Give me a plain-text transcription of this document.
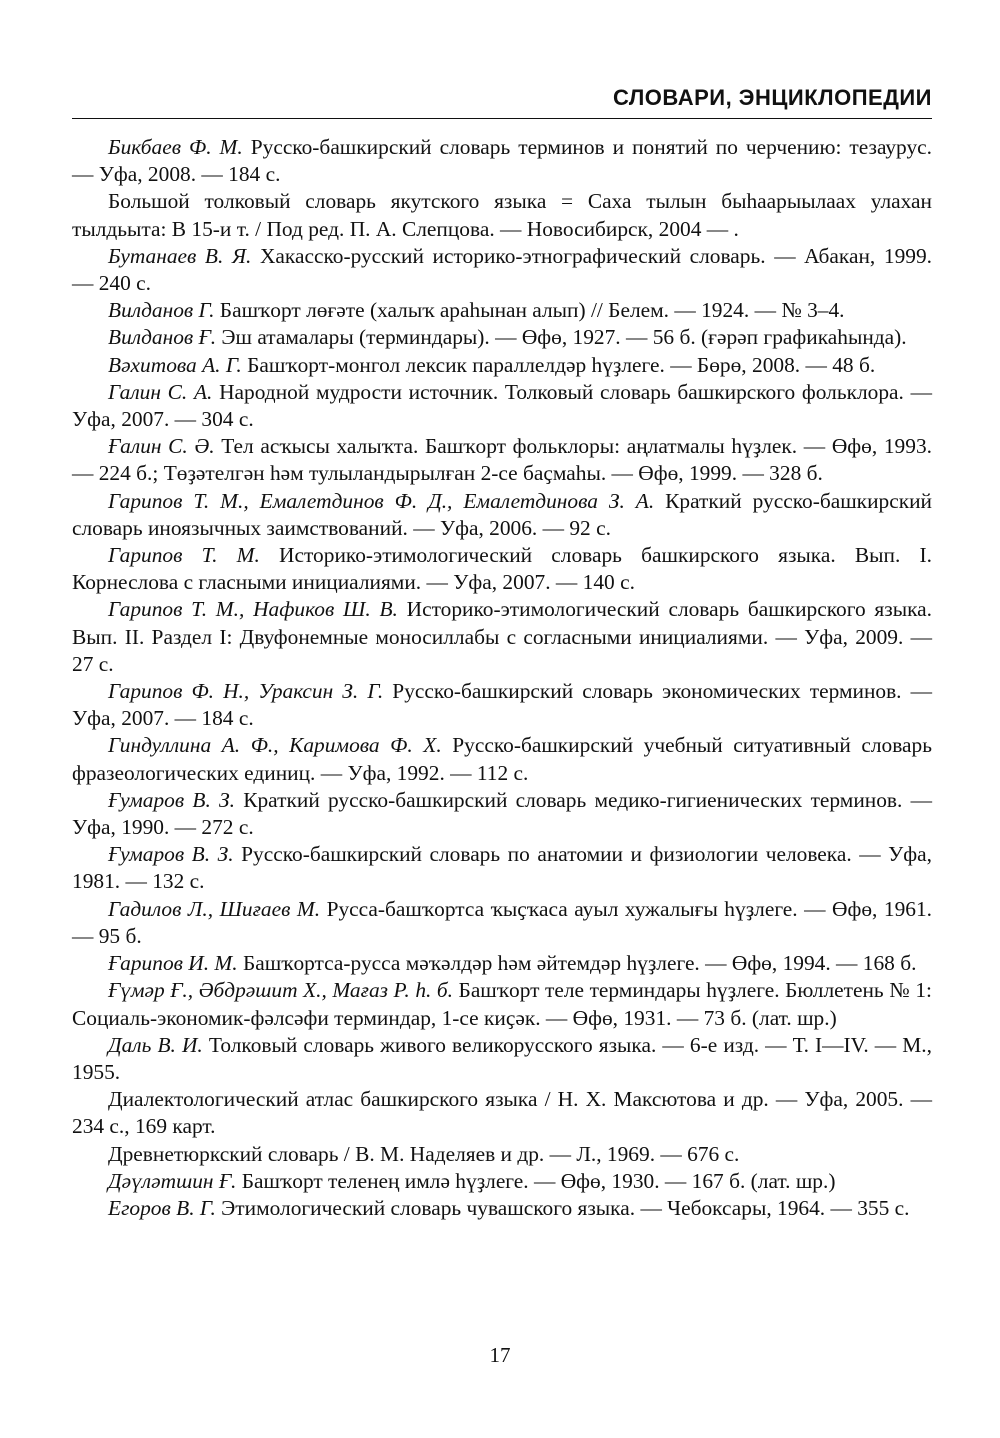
СЛОВАРИ, ЭНЦИКЛОПЕДИИ

Бикбаев Ф. М. Русско-башкирский словарь терминов и понятий по черчению: тезаурус. — Уфа, 2008. — 184 с.

Большой толковый словарь якутского языка = Саха тылын быhаарыылаах улахан тылдьыта: В 15-и т. / Под ред. П. А. Слепцова. — Новосибирск, 2004 — .

Бутанаев В. Я. Хакасско-русский историко-этнографический словарь. — Абакан, 1999. — 240 с.

Вилданов Г. Башҡорт лөғәте (халыҡ араhынан алып) // Белем. — 1924. — № 3–4.

Вилданов Ғ. Эш атамалары (терминдары). — Өфө, 1927. — 56 б. (ғәрәп графикаhында).

Вәхитова А. Г. Башҡорт-монгол лексик параллелдәр hүҙлеге. — Бөрө, 2008. — 48 б.

Галин С. А. Народной мудрости источник. Толковый словарь башкирского фольклора. — Уфа, 2007. — 304 с.

Ғалин С. Ә. Тел асҡысы халыҡта. Башҡорт фольклоры: аңлатмалы hүҙлек. — Өфө, 1993. — 224 б.; Төҙәтелгән hәм тулыландырылған 2-се баҫмаhы. — Өфө, 1999. — 328 б.

Гарипов Т. М., Емалетдинов Ф. Д., Емалетдинова З. А. Краткий русско-башкирский словарь иноязычных заимствований. — Уфа, 2006. — 92 с.

Гарипов Т. М. Историко-этимологический словарь башкирского языка. Вып. I. Корнеслова с гласными инициалиями. — Уфа, 2007. — 140 с.

Гарипов Т. М., Нафиков Ш. В. Историко-этимологический словарь башкирского языка. Вып. II. Раздел I: Двуфонемные моносиллабы с согласными инициалиями. — Уфа, 2009. — 27 с.

Гарипов Ф. Н., Ураксин З. Г. Русско-башкирский словарь экономических терминов. — Уфа, 2007. — 184 с.

Гиндуллина А. Ф., Каримова Ф. Х. Русско-башкирский учебный ситуативный словарь фразеологических единиц. — Уфа, 1992. — 112 с.

Ғумаров В. З. Краткий русско-башкирский словарь медико-гигиенических терминов. — Уфа, 1990. — 272 с.

Ғумаров В. З. Русско-башкирский словарь по анатомии и физиологии человека. — Уфа, 1981. — 132 с.

Гадилов Л., Шиғаев М. Русса-башҡортса ҡыҫҡаса ауыл хужалығы hүҙлеге. — Өфө, 1961. — 95 б.

Ғарипов И. М. Башҡортса-русса мәҡәлдәр hәм әйтемдәр hүҙлеге. — Өфө, 1994. — 168 б.

Ғүмәр Ғ., Әбдрәшит Х., Мағаз Р. һ. б. Башҡорт теле терминдары hүҙлеге. Бюллетень № 1: Социаль-экономик-фәлсәфи терминдар, 1-се киҫәк. — Өфө, 1931. — 73 б. (лат. шр.)

Даль В. И. Толковый словарь живого великорусского языка. — 6-е изд. — Т. I—IV. — М., 1955.

Диалектологический атлас башкирского языка / Н. Х. Максютова и др. — Уфа, 2005. — 234 с., 169 карт.

Древнетюркский словарь / В. М. Наделяев и др. — Л., 1969. — 676 с.

Дәүләтшин Ғ. Башҡорт теленең имлә hүҙлеге. — Өфө, 1930. — 167 б. (лат. шр.)

Егоров В. Г. Этимологический словарь чувашского языка. — Чебоксары, 1964. — 355 с.

17
